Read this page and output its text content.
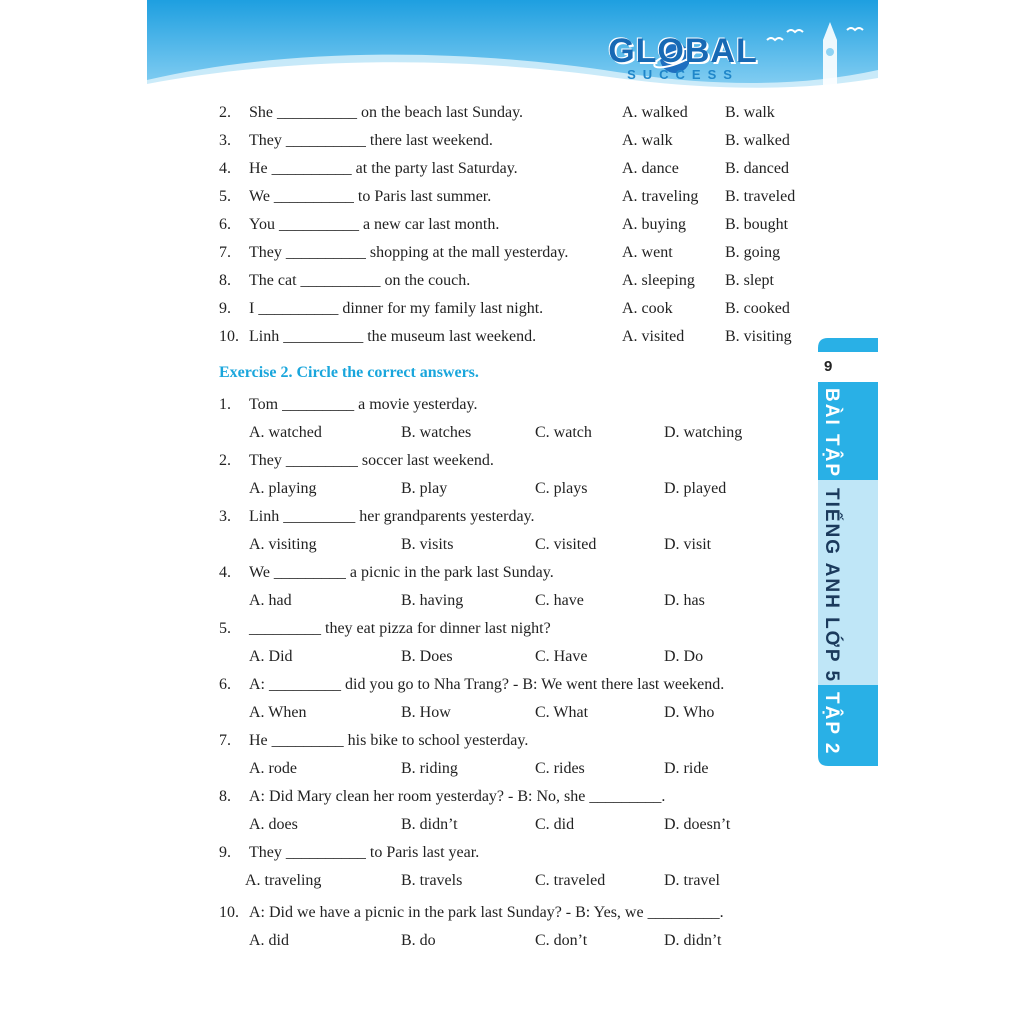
GLOBAL
SUCCESS
2. She __________ on the beach last Sunday.	A. walked B. walk
3. They __________ there last weekend.	A. walk	B. walked
4. He __________ at the party last Saturday.	A. dance	B. danced
5. We __________ to Paris last summer.	A. traveling B. traveled
6. You __________ a new car last month.	A. buying B. bought
7. They __________ shopping at the mall yesterday.	A. went	B. going
8. The cat __________ on the couch.	A. sleeping B. slept
9. I __________ dinner for my family last night.	A. cook	B. cooked
10. Linh __________ the museum last weekend.	A. visited	B. visiting
Exercise 2. Circle the correct answers.
1. Tom _________ a movie yesterday.
A. watched	B. watches	C. watch	D. watching
2. They _________ soccer last weekend.
A. playing	B. play	C. plays	D. played
3. Linh _________ her grandparents yesterday.
A. visiting	B. visits	C. visited	D. visit
4. We _________ a picnic in the park last Sunday.
A. had	B. having	C. have	D. has
5. _________ they eat pizza for dinner last night?
A. Did	B. Does	C. Have	D. Do
6. A: _________ did you go to Nha Trang? - B: We went there last weekend.
A. When	B. How	C. What	D. Who
7. He _________ his bike to school yesterday.
A. rode	B. riding	C. rides	D. ride
8. A: Did Mary clean her room yesterday? - B: No, she _________.
A. does	B. didn’t	C. did	D. doesn’t
9. They __________ to Paris last year.
A. traveling	B. travels	C. traveled	D. travel
10. A: Did we have a picnic in the park last Sunday? - B: Yes, we _________.
A. did	B. do	C. don’t	D. didn’t
9
BÀI TẬP
TIẾNG ANH LỚP 5
TẬP 2
